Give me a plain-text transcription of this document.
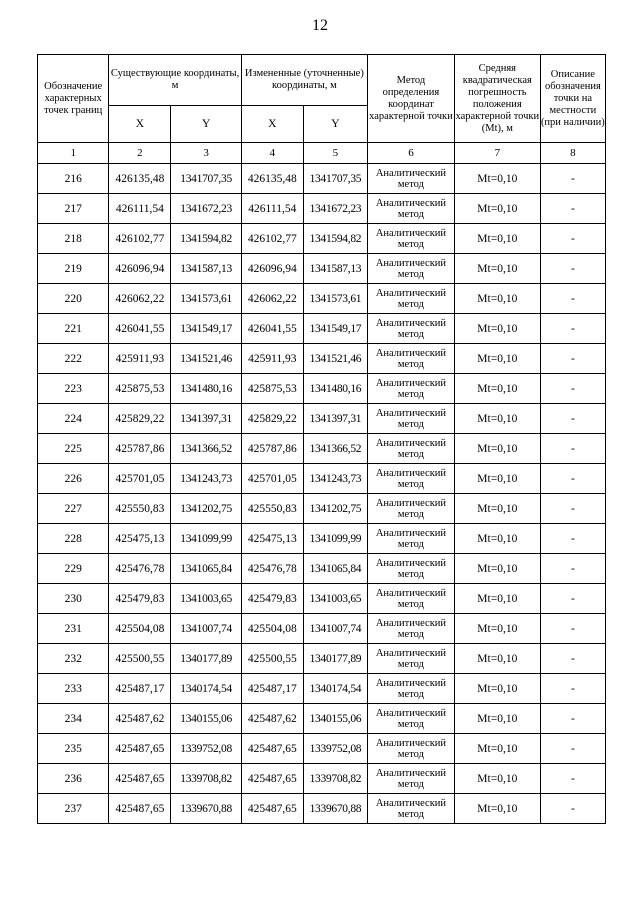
12
Обозначение характерных точек границ	Существующие координаты, м		Измененные (уточненные) координаты, м		Метод определения координат характерной точки	Средняя квадратическая погрешность положения характерной точки (Mt), м	Описание обозначения точки на местности (при наличии)
	X	Y	X	Y			
1	2	3	4	5	6	7	8
216	426135,48	1341707,35	426135,48	1341707,35	Аналитический метод	Mt=0,10	-
217	426111,54	1341672,23	426111,54	1341672,23	Аналитический метод	Mt=0,10	-
218	426102,77	1341594,82	426102,77	1341594,82	Аналитический метод	Mt=0,10	-
219	426096,94	1341587,13	426096,94	1341587,13	Аналитический метод	Mt=0,10	-
220	426062,22	1341573,61	426062,22	1341573,61	Аналитический метод	Mt=0,10	-
221	426041,55	1341549,17	426041,55	1341549,17	Аналитический метод	Mt=0,10	-
222	425911,93	1341521,46	425911,93	1341521,46	Аналитический метод	Mt=0,10	-
223	425875,53	1341480,16	425875,53	1341480,16	Аналитический метод	Mt=0,10	-
224	425829,22	1341397,31	425829,22	1341397,31	Аналитический метод	Mt=0,10	-
225	425787,86	1341366,52	425787,86	1341366,52	Аналитический метод	Mt=0,10	-
226	425701,05	1341243,73	425701,05	1341243,73	Аналитический метод	Mt=0,10	-
227	425550,83	1341202,75	425550,83	1341202,75	Аналитический метод	Mt=0,10	-
228	425475,13	1341099,99	425475,13	1341099,99	Аналитический метод	Mt=0,10	-
229	425476,78	1341065,84	425476,78	1341065,84	Аналитический метод	Mt=0,10	-
230	425479,83	1341003,65	425479,83	1341003,65	Аналитический метод	Mt=0,10	-
231	425504,08	1341007,74	425504,08	1341007,74	Аналитический метод	Mt=0,10	-
232	425500,55	1340177,89	425500,55	1340177,89	Аналитический метод	Mt=0,10	-
233	425487,17	1340174,54	425487,17	1340174,54	Аналитический метод	Mt=0,10	-
234	425487,62	1340155,06	425487,62	1340155,06	Аналитический метод	Mt=0,10	-
235	425487,65	1339752,08	425487,65	1339752,08	Аналитический метод	Mt=0,10	-
236	425487,65	1339708,82	425487,65	1339708,82	Аналитический метод	Mt=0,10	-
237	425487,65	1339670,88	425487,65	1339670,88	Аналитический метод	Mt=0,10	-
